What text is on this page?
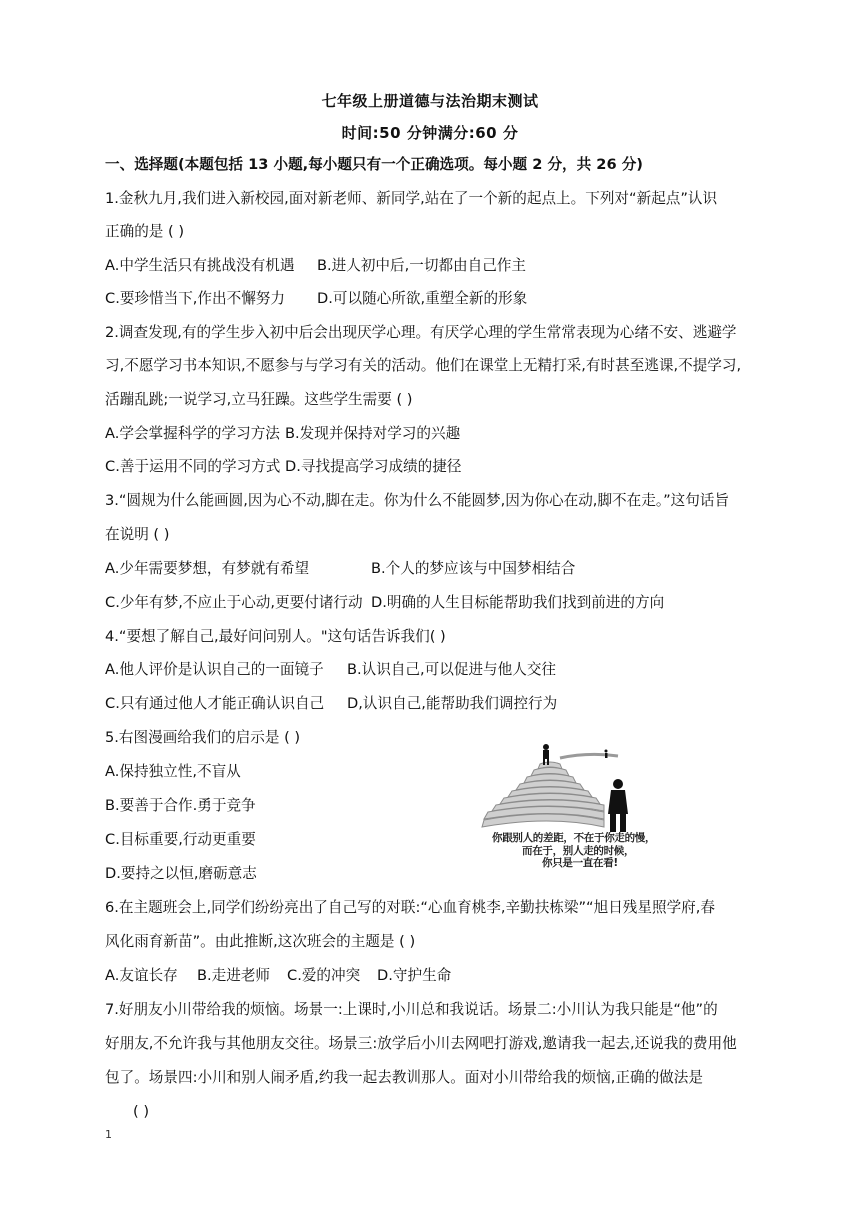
七年级上册道德与法治期末测试
时间:50 分钟满分:60 分
一、选择题(本题包括 13 小题,每小题只有一个正确选项。每小题 2 分，共 26 分)
1.金秋九月,我们进入新校园,面对新老师、新同学,站在了一个新的起点上。下列对“新起点”认识
正确的是 ( )
A.中学生活只有挑战没有机遇 B.进人初中后,一切都由自己作主
C.要珍惜当下,作出不懈努力 D.可以随心所欲,重塑全新的形象
2.调查发现,有的学生步入初中后会出现厌学心理。有厌学心理的学生常常表现为心绪不安、逃避学
习,不愿学习书本知识,不愿参与与学习有关的活动。他们在课堂上无精打采,有时甚至逃课,不提学习,
活蹦乱跳;一说学习,立马狂躁。这些学生需要 ( )
A.学会掌握科学的学习方法 B.发现并保持对学习的兴趣
C.善于运用不同的学习方式 D.寻找提高学习成绩的捷径
3.“圆规为什么能画圆,因为心不动,脚在走。你为什么不能圆梦,因为你心在动,脚不在走。”这句话旨
在说明 ( )
A.少年需要梦想，有梦就有希望	B.个人的梦应该与中国梦相结合
C.少年有梦,不应止于心动,更要付诸行动 D.明确的人生目标能帮助我们找到前进的方向
4.“要想了解自己,最好问问别人。"这句话告诉我们( )
A.他人评价是认识自己的一面镜子 B.认识自己,可以促进与他人交往
C.只有通过他人才能正确认识自己 D,认识自己,能帮助我们调控行为
5.右图漫画给我们的启示是 ( )
A.保持独立性,不盲从
B.要善于合作.勇于竞争
C.目标重要,行动更重要
D.要持之以恒,磨砺意志
你跟别人的差距，不在于你走的慢，
而在于，别人走的时候，
你只是一直在看!
6.在主题班会上,同学们纷纷亮出了自己写的对联:“心血育桃李,辛勤扶栋梁”“旭日残星照学府,春
风化雨育新苗”。由此推断,这次班会的主题是 ( )
A.友谊长存 B.走进老师 C.爱的冲突 D.守护生命
7.好朋友小川带给我的烦恼。场景一:上课时,小川总和我说话。场景二:小川认为我只能是“他”的
好朋友,不允许我与其他朋友交往。场景三:放学后小川去网吧打游戏,邀请我一起去,还说我的费用他
包了。场景四:小川和别人闹矛盾,约我一起去教训那人。面对小川带给我的烦恼,正确的做法是
( )
1
